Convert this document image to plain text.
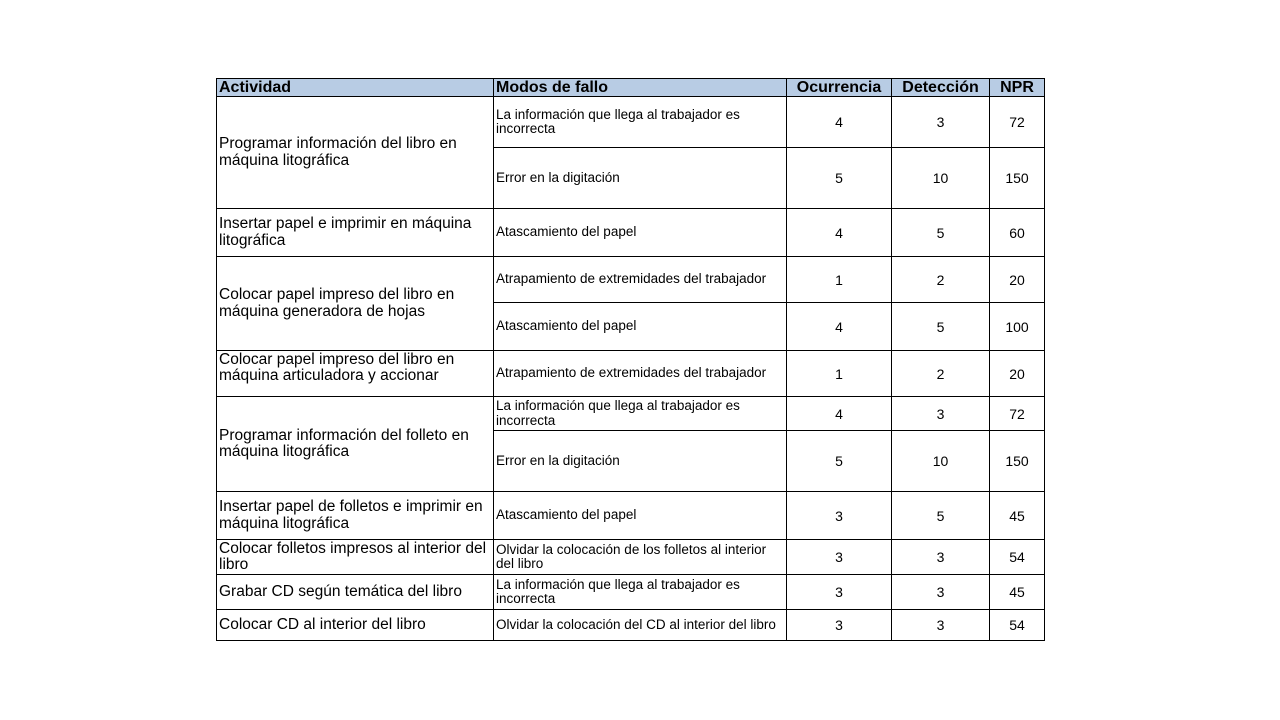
Actividad	Modos de fallo	Ocurrencia	Detección	NPR
Programar información del libro en máquina litográfica	La información que llega al trabajador es incorrecta	4	3	72
	Error en la digitación	5	10	150
Insertar papel e imprimir en máquina litográfica	Atascamiento del papel	4	5	60
Colocar papel impreso del libro en máquina generadora de hojas	Atrapamiento de extremidades del trabajador	1	2	20
	Atascamiento del papel	4	5	100

Colocar papel impreso del libro en máquina articuladora y accionar	Atrapamiento de extremidades del trabajador	1	2	20
Programar información del folleto en máquina litográfica	La información que llega al trabajador es incorrecta	4	3	72
	Error en la digitación	5	10	150
Insertar papel de folletos e imprimir en máquina litográfica	Atascamiento del papel	3	5	45
Colocar folletos impresos al interior del libro	Olvidar la colocación de los folletos al interior del libro	3	3	54
Grabar CD según temática del libro	La información que llega al trabajador es incorrecta	3	3	45
Colocar CD al interior del libro	Olvidar la colocación del CD al interior del libro	3	3	54
